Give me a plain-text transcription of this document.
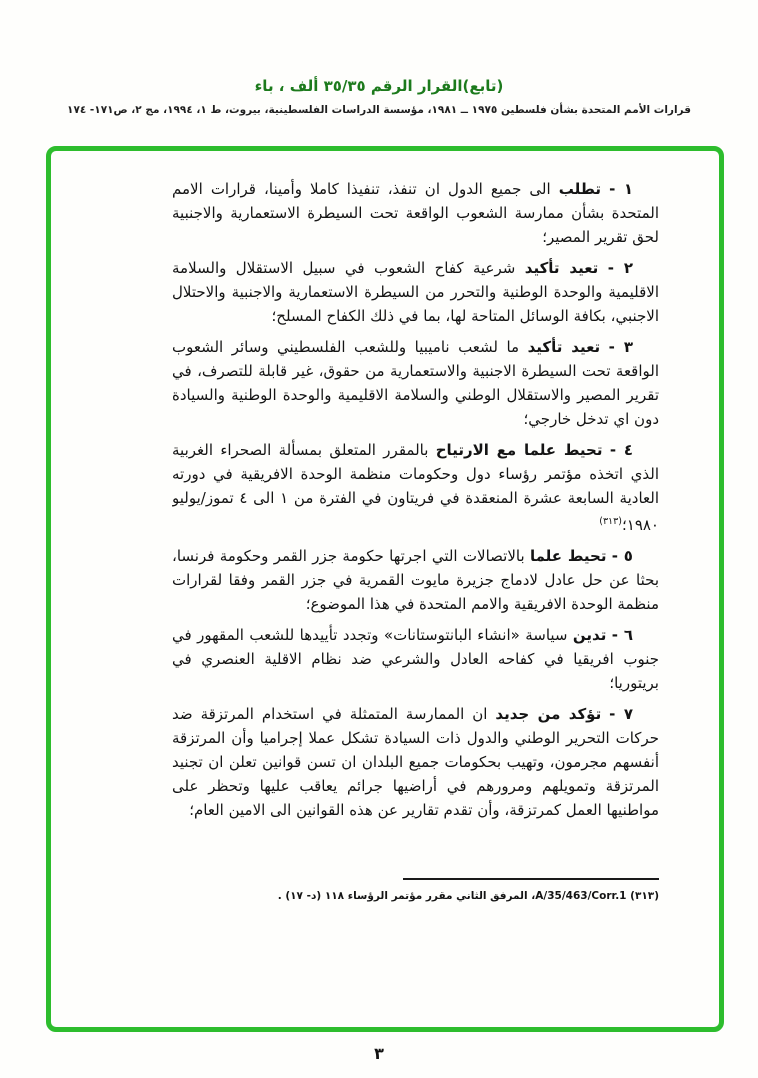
(تابع)القرار الرقم ٣٥/٣٥ ألف ، باء
قرارات الأمم المتحدة بشأن فلسطين ١٩٧٥ ــ ١٩٨١، مؤسسة الدراسات الفلسطينية، بيروت، ط ١، ١٩٩٤، مج ٢، ص١٧١- ١٧٤

١ - تطلب الى جميع الدول ان تنفذ، تنفيذا كاملا وأمينا، قرارات الامم المتحدة بشأن ممارسة الشعوب الواقعة تحت السيطرة الاستعمارية والاجنبية لحق تقرير المصير؛

٢ - تعيد تأكيد شرعية كفاح الشعوب في سبيل الاستقلال والسلامة الاقليمية والوحدة الوطنية والتحرر من السيطرة الاستعمارية والاجنبية والاحتلال الاجنبي، بكافة الوسائل المتاحة لها، بما في ذلك الكفاح المسلح؛

٣ - تعيد تأكيد ما لشعب ناميبيا وللشعب الفلسطيني وسائر الشعوب الواقعة تحت السيطرة الاجنبية والاستعمارية من حقوق، غير قابلة للتصرف، في تقرير المصير والاستقلال الوطني والسلامة الاقليمية والوحدة الوطنية والسيادة دون اي تدخل خارجي؛

٤ - تحيط علما مع الارتياح بالمقرر المتعلق بمسألة الصحراء الغربية الذي اتخذه مؤتمر رؤساء دول وحكومات منظمة الوحدة الافريقية في دورته العادية السابعة عشرة المنعقدة في فريتاون في الفترة من ١ الى ٤ تموز/يوليو ١٩٨٠؛$^{(٣١٣)}$

٥ - تحيط علما بالاتصالات التي اجرتها حكومة جزر القمر وحكومة فرنسا، بحثا عن حل عادل لادماج جزيرة مايوت القمرية في جزر القمر وفقا لقرارات منظمة الوحدة الافريقية والامم المتحدة في هذا الموضوع؛

٦ - تدين سياسة «انشاء البانتوستانات» وتجدد تأييدها للشعب المقهور في جنوب افريقيا في كفاحه العادل والشرعي ضد نظام الاقلية العنصري في بريتوريا؛

٧ - تؤكد من جديد ان الممارسة المتمثلة في استخدام المرتزقة ضد حركات التحرير الوطني والدول ذات السيادة تشكل عملا إجراميا وأن المرتزقة أنفسهم مجرمون، وتهيب بحكومات جميع البلدان ان تسن قوانين تعلن ان تجنيد المرتزقة وتمويلهم ومرورهم في أراضيها جرائم يعاقب عليها وتحظر على مواطنيها العمل كمرتزقة، وأن تقدم تقارير عن هذه القوانين الى الامين العام؛

(٣١٣) A/35/463/Corr.1، المرفق الثاني مقرر مؤتمر الرؤساء ١١٨ (د- ١٧) .
٣
